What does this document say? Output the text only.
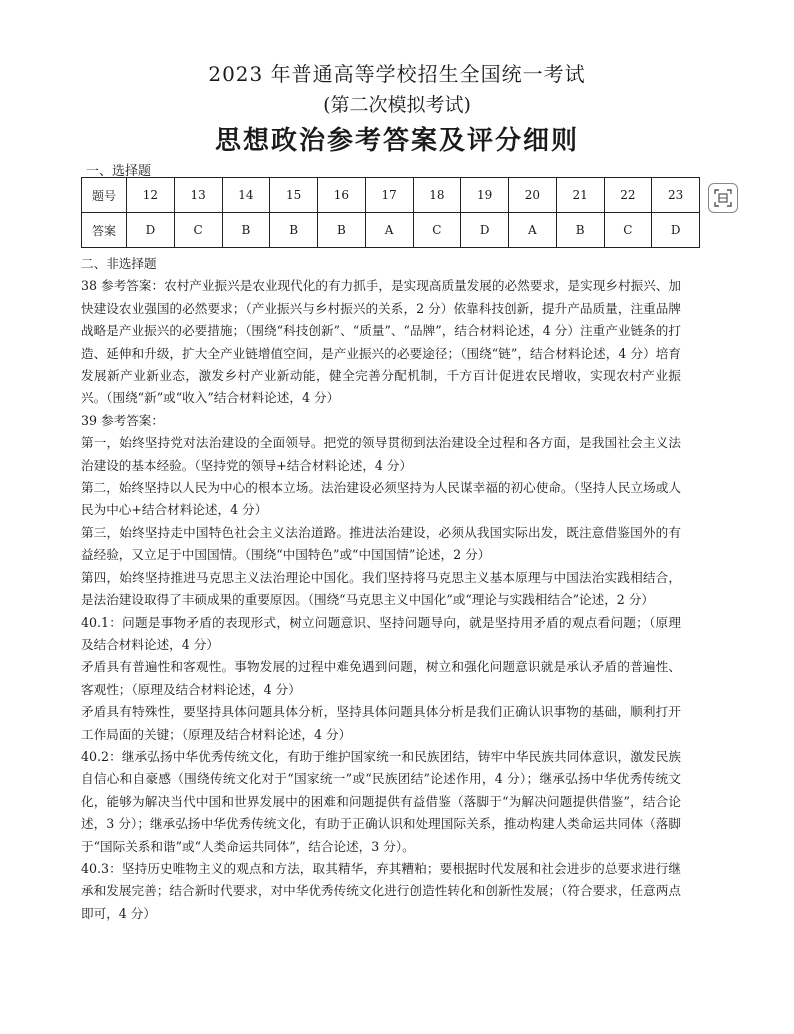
2023 年普通高等学校招生全国统一考试
(第二次模拟考试)
思想政治参考答案及评分细则
一、选择题
题号	12	13	14	15	16	17	18	19	20	21	22	23
答案	D	C	B	B	B	A	C	D	A	B	C	D

二、非选择题

38 参考答案：农村产业振兴是农业现代化的有力抓手，是实现高质量发展的必然要求，是实现乡村振兴、加快建设农业强国的必然要求；（产业振兴与乡村振兴的关系，2 分）依靠科技创新，提升产品质量，注重品牌战略是产业振兴的必要措施；（围绕“科技创新”、“质量”、“品牌”，结合材料论述，4 分）注重产业链条的打造、延伸和升级，扩大全产业链增值空间，是产业振兴的必要途径；（围绕“链”，结合材料论述，4 分）培育发展新产业新业态，激发乡村产业新动能，健全完善分配机制，千方百计促进农民增收，实现农村产业振兴。（围绕“新”或“收入”结合材料论述，4 分）

39 参考答案：

第一，始终坚持党对法治建设的全面领导。把党的领导贯彻到法治建设全过程和各方面，是我国社会主义法治建设的基本经验。（坚持党的领导+结合材料论述，4 分）

第二，始终坚持以人民为中心的根本立场。法治建设必须坚持为人民谋幸福的初心使命。（坚持人民立场或人民为中心+结合材料论述，4 分）

第三，始终坚持走中国特色社会主义法治道路。推进法治建设，必须从我国实际出发，既注意借鉴国外的有益经验，又立足于中国国情。（围绕“中国特色”或“中国国情”论述，2 分）

第四，始终坚持推进马克思主义法治理论中国化。我们坚持将马克思主义基本原理与中国法治实践相结合，是法治建设取得了丰硕成果的重要原因。（围绕“马克思主义中国化”或“理论与实践相结合”论述，2 分）

40.1：问题是事物矛盾的表现形式，树立问题意识、坚持问题导向，就是坚持用矛盾的观点看问题；（原理及结合材料论述，4 分）

矛盾具有普遍性和客观性。事物发展的过程中难免遇到问题，树立和强化问题意识就是承认矛盾的普遍性、客观性；（原理及结合材料论述，4 分）

矛盾具有特殊性，要坚持具体问题具体分析，坚持具体问题具体分析是我们正确认识事物的基础，顺利打开工作局面的关键；（原理及结合材料论述，4 分）

40.2：继承弘扬中华优秀传统文化，有助于维护国家统一和民族团结，铸牢中华民族共同体意识，激发民族自信心和自豪感（围绕传统文化对于“国家统一”或“民族团结”论述作用，4 分）；继承弘扬中华优秀传统文化，能够为解决当代中国和世界发展中的困难和问题提供有益借鉴（落脚于“为解决问题提供借鉴”，结合论述，3 分）；继承弘扬中华优秀传统文化，有助于正确认识和处理国际关系，推动构建人类命运共同体（落脚于“国际关系和谐”或“人类命运共同体”，结合论述，3 分）。

40.3：坚持历史唯物主义的观点和方法，取其精华，弃其糟粕；要根据时代发展和社会进步的总要求进行继承和发展完善；结合新时代要求，对中华优秀传统文化进行创造性转化和创新性发展；（符合要求，任意两点即可，4 分）
